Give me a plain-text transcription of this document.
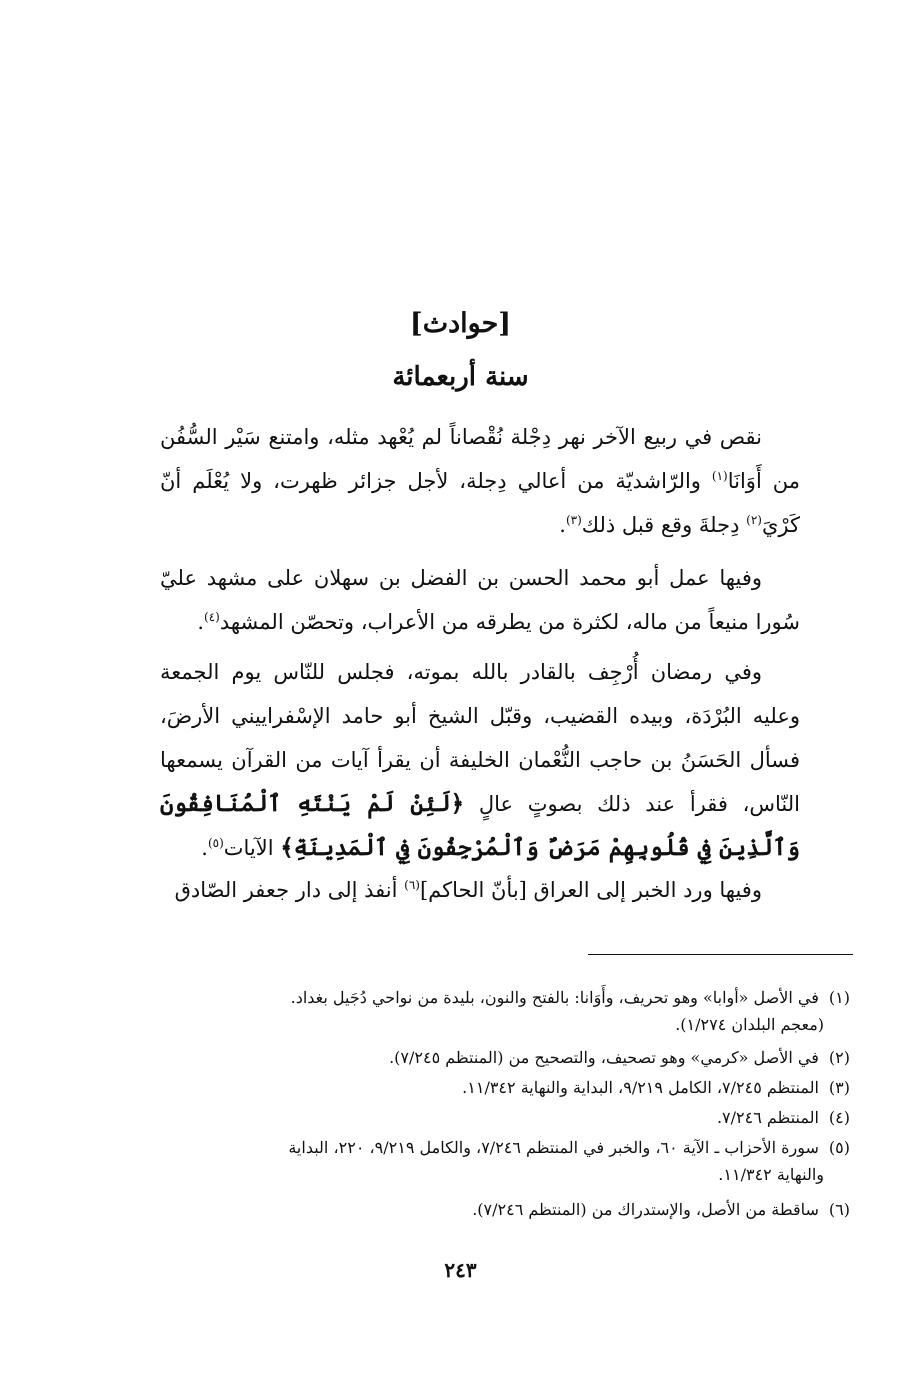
[حوادث]
سنة أربعمائة
نقص في ربيع الآخر نهر دِجْلة نُقْصاناً لم يُعْهد مثله، وامتنع سَيْر السُّفُن من أَوَانَا$^{(١)}$ والرّاشديّة من أعالي دِجلة، لأجل جزائر ظهرت، ولا يُعْلَم أنّ كَرْيَ$^{(٢)}$ دِجلةَ وقع قبل ذلك$^{(٣)}$.
وفيها عمل أبو محمد الحسن بن الفضل بن سهلان على مشهد عليّ سُورا منيعاً من ماله، لكثرة من يطرقه من الأعراب، وتحصّن المشهد$^{(٤)}$.
وفي رمضان أُرْجِف بالقادر بالله بموته، فجلس للنّاس يوم الجمعة وعليه البُرْدَة، وبيده القضيب، وقبّل الشيخ أبو حامد الإسْفراييني الأرضَ، فسأل الحَسَنُ بن حاجب النُّعْمان الخليفة أن يقرأ آيات من القرآن يسمعها النّاس، فقرأ عند ذلك بصوتٍ عالٍ ﴿لَئِنْ لَمْ يَنْتَهِ ٱلْمُنَافِقُونَ وَٱلَّذِينَ فِي قُلُوبِهِمْ مَرَضٌ وَٱلْمُرْجِفُونَ فِي ٱلْمَدِينَةِ﴾ الآيات$^{(٥)}$.
وفيها ورد الخبر إلى العراق [بأنّ الحاكم]$^{(٦)}$ أنفذ إلى دار جعفر الصّادق
(١) في الأصل «أوابا» وهو تحريف، وأَوَانا: بالفتح والنون، بليدة من نواحي دُجَيل بغداد.
(معجم البلدان ١/٢٧٤).
(٢) في الأصل «كرمي» وهو تصحيف، والتصحيح من (المنتظم ٧/٢٤٥).
(٣) المنتظم ٧/٢٤٥، الكامل ٩/٢١٩، البداية والنهاية ١١/٣٤٢.
(٤) المنتظم ٧/٢٤٦.
(٥) سورة الأحزاب ـ الآية ٦٠، والخبر في المنتظم ٧/٢٤٦، والكامل ٩/٢١٩، ٢٢٠، البداية
والنهاية ١١/٣٤٢.
(٦) ساقطة من الأصل، والإستدراك من (المنتظم ٧/٢٤٦).
٢٤٣
